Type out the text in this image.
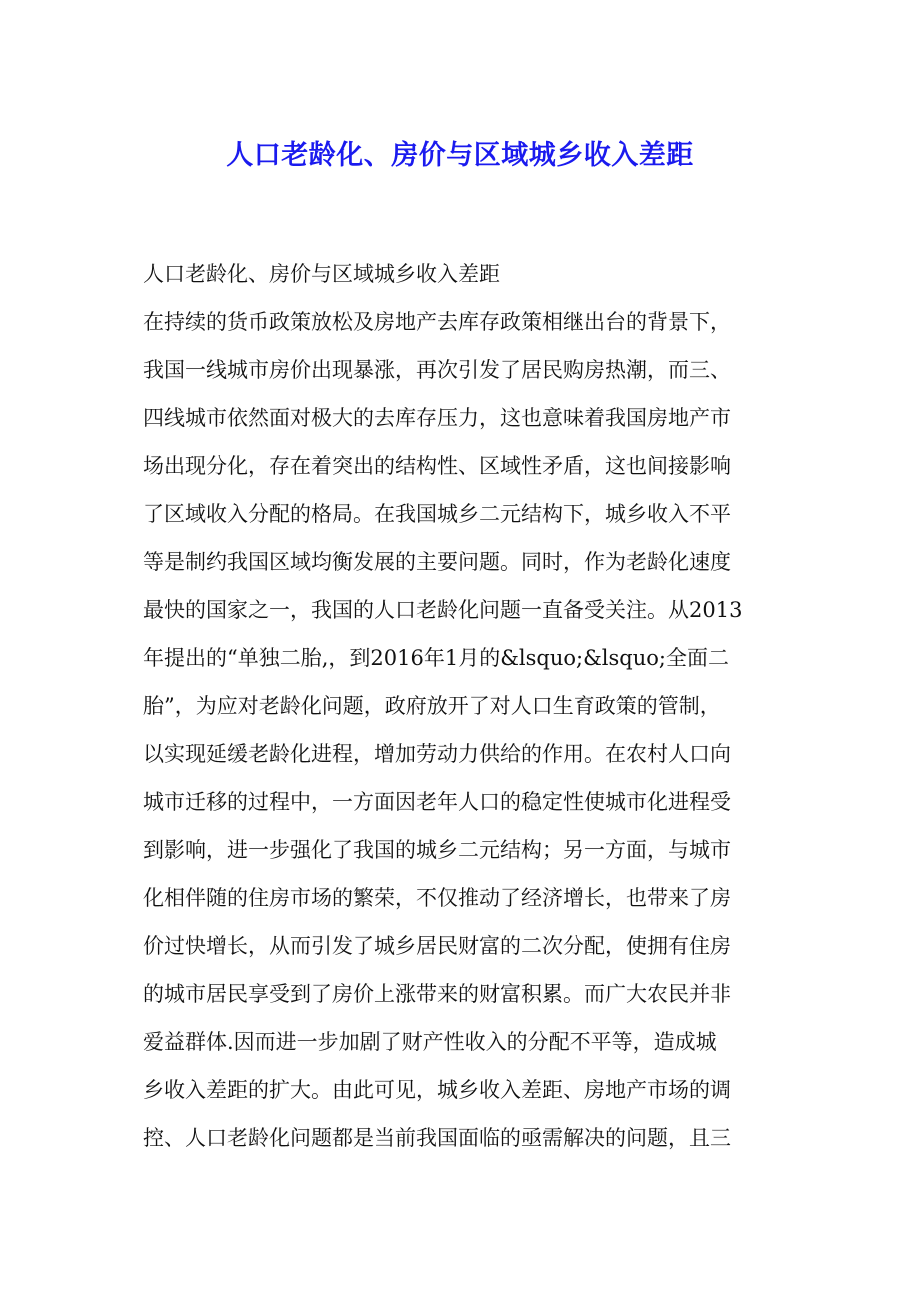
人口老龄化、房价与区域城乡收入差距
人口老龄化、房价与区域城乡收入差距
在持续的货币政策放松及房地产去库存政策相继出台的背景下，
我国一线城市房价出现暴涨，再次引发了居民购房热潮，而三、
四线城市依然面对极大的去库存压力，这也意味着我国房地产市
场出现分化，存在着突出的结构性、区域性矛盾，这也间接影响
了区域收入分配的格局。在我国城乡二元结构下，城乡收入不平
等是制约我国区域均衡发展的主要问题。同时，作为老龄化速度
最快的国家之一，我国的人口老龄化问题一直备受关注。从2013
年提出的“单独二胎,，到2016年1月的&lsquo;&lsquo;全面二
胎”，为应对老龄化问题，政府放开了对人口生育政策的管制，
以实现延缓老龄化进程，增加劳动力供给的作用。在农村人口向
城市迁移的过程中，一方面因老年人口的稳定性使城市化进程受
到影响，进一步强化了我国的城乡二元结构；另一方面，与城市
化相伴随的住房市场的繁荣，不仅推动了经济增长，也带来了房
价过快增长，从而引发了城乡居民财富的二次分配，使拥有住房
的城市居民享受到了房价上涨带来的财富积累。而广大农民并非
爱益群体.因而进一步加剧了财产性收入的分配不平等，造成城
乡收入差距的扩大。由此可见，城乡收入差距、房地产市场的调
控、人口老龄化问题都是当前我国面临的亟需解决的问题，且三
